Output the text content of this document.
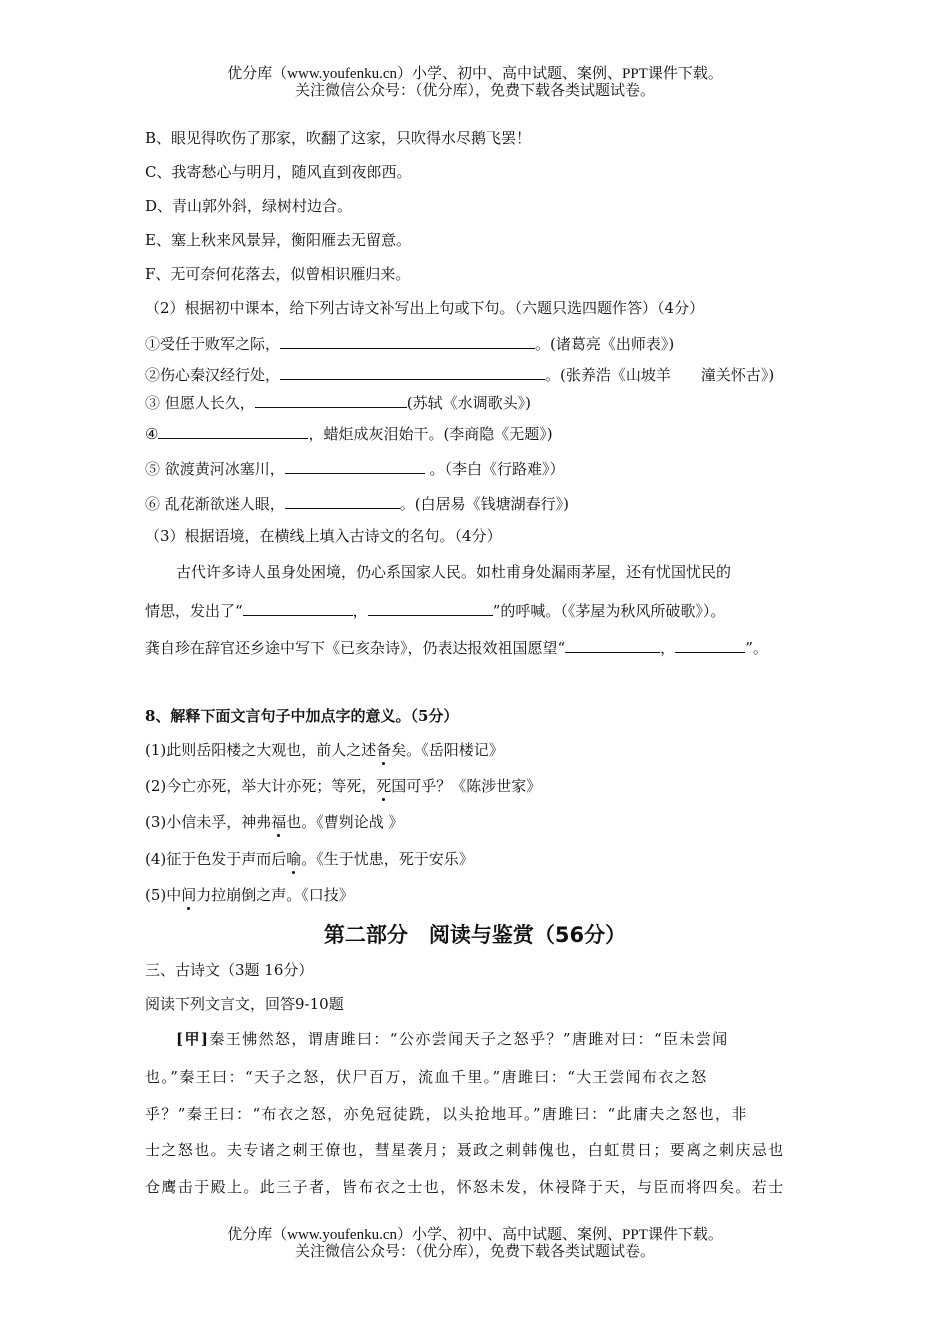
优分库（www.youfenku.cn）小学、初中、高中试题、案例、PPT课件下载。
关注微信公众号：（优分库），免费下载各类试题试卷。
B、眼见得吹伤了那家，吹翻了这家，只吹得水尽鹅飞罢！
C、我寄愁心与明月，随风直到夜郎西。
D、青山郭外斜，绿树村边合。
E、塞上秋来风景异，衡阳雁去无留意。
F、无可奈何花落去，似曾相识雁归来。
（2）根据初中课本，给下列古诗文补写出上句或下句。（六题只选四题作答）（4分）
①受任于败军之际，	。(诸葛亮《出师表》)
②伤心秦汉经行处，	。(张养浩《山坡羊　　潼关怀古》)
③ 但愿人长久，	(苏轼《水调歌头》)
④	，蜡炬成灰泪始干。(李商隐《无题》)
⑤ 欲渡黄河冰塞川，	。（李白《行路难》）
⑥ 乱花渐欲迷人眼，	。(白居易《钱塘湖春行》)
（3）根据语境，在横线上填入古诗文的名句。（4分）
古代许多诗人虽身处困境，仍心系国家人民。如杜甫身处漏雨茅屋，还有忧国忧民的
情思，发出了“	，	”的呼喊。（《茅屋为秋风所破歌》）。
龚自珍在辞官还乡途中写下《已亥杂诗》，仍表达报效祖国愿望“	，	”。
8、解释下面文言句子中加点字的意义。（5分）
(1)此则岳阳楼之大观也，前人之述备矣。《岳阳楼记》
(2)今亡亦死，举大计亦死；等死，死国可乎？《陈涉世家》
(3)小信未孚，神弗福也。《曹刿论战 》
(4)征于色发于声而后喻。《生于忧患，死于安乐》
(5)中间力拉崩倒之声。《口技》
第二部分　阅读与鉴赏（56分）
三、古诗文（3题 16分）
阅读下列文言文，回答9-10题
[甲]秦王怫然怒，谓唐雎曰：“公亦尝闻天子之怒乎？”唐雎对曰：“臣未尝闻
也。”秦王曰：“天子之怒，伏尸百万，流血千里。”唐雎曰：“大王尝闻布衣之怒
乎？”秦王曰：“布衣之怒，亦免冠徒跣，以头抢地耳。”唐雎曰：“此庸夫之怒也，非
士之怒也。夫专诸之刺王僚也，彗星袭月；聂政之刺韩傀也，白虹贯日；要离之刺庆忌也
仓鹰击于殿上。此三子者，皆布衣之士也，怀怒未发，休祲降于天，与臣而将四矣。若士
优分库（www.youfenku.cn）小学、初中、高中试题、案例、PPT课件下载。
关注微信公众号：（优分库），免费下载各类试题试卷。
